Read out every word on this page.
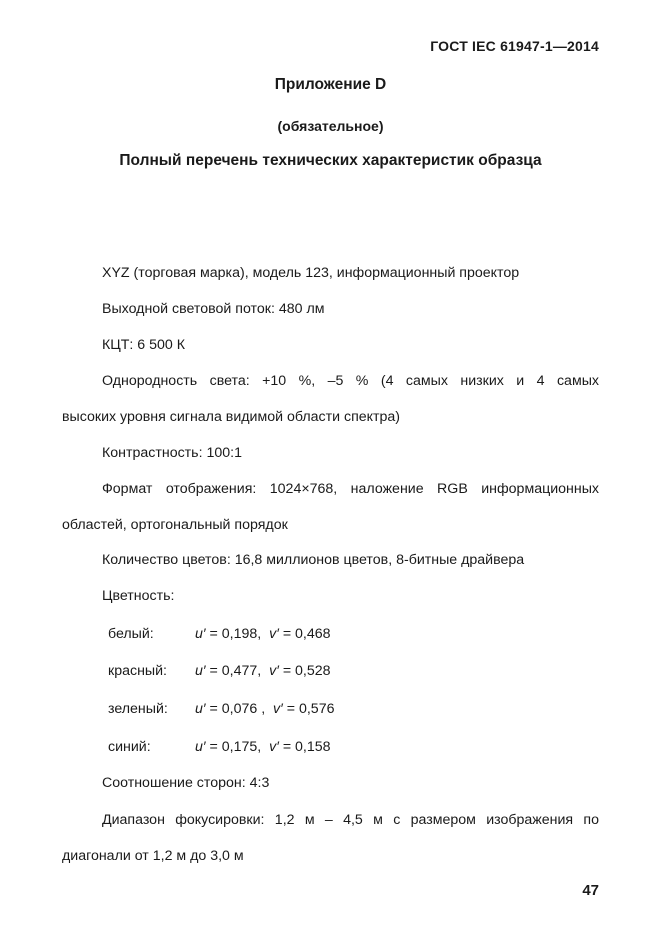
ГОСТ IEC 61947-1—2014
Приложение D
(обязательное)
Полный перечень технических характеристик образца
XYZ (торговая марка), модель 123, информационный проектор
Выходной световой поток: 480 лм
КЦТ: 6 500 К
Однородность света: +10 %, –5 % (4 самых низких и 4 самых
высоких уровня сигнала видимой области спектра)
Контрастность: 100:1
Формат отображения: 1024×768, наложение RGB информационных
областей, ортогональный порядок
Количество цветов: 16,8 миллионов цветов, 8-битные драйвера
Цветность:
белый:	u′ = 0,198, v′ = 0,468
красный: u′ = 0,477, v′ = 0,528
зеленый: u′ = 0,076 , v′ = 0,576
синий:	u′ = 0,175, v′ = 0,158
Соотношение сторон: 4:3
Диапазон фокусировки: 1,2 м – 4,5 м с размером изображения по
диагонали от 1,2 м до 3,0 м
47
